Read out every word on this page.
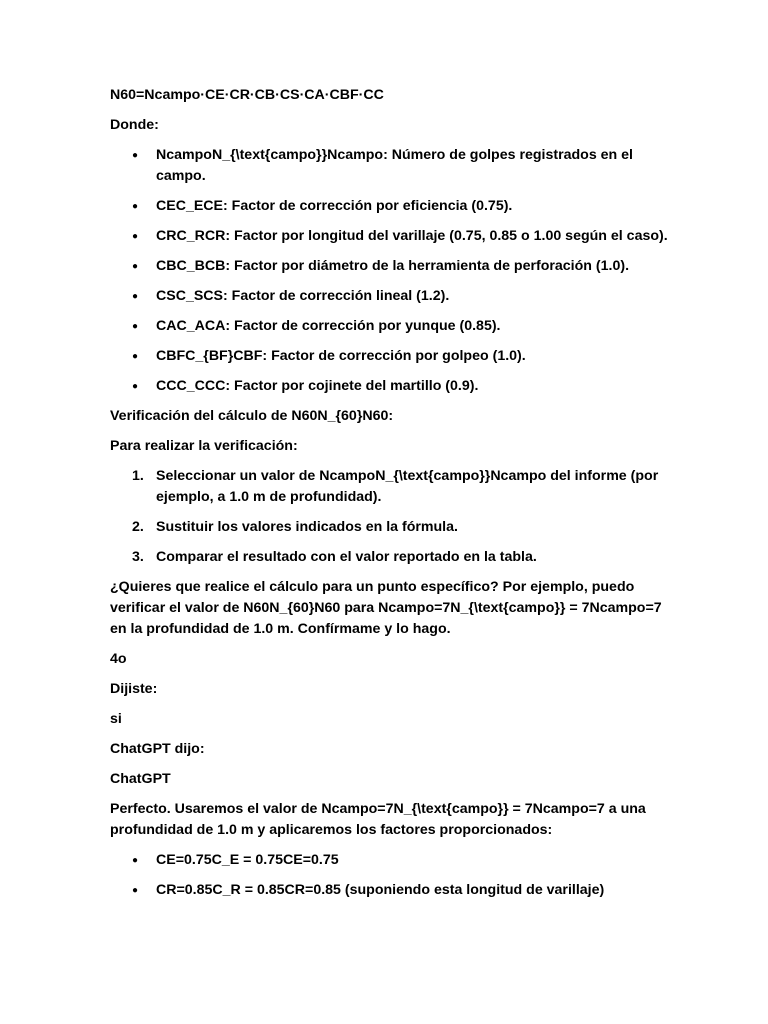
N60=Ncampo·CE·CR·CB·CS·CA·CBF·CC

Donde:

● NcampoN_{\text{campo}}Ncampo: Número de golpes registrados en el campo.
● CEC_ECE: Factor de corrección por eficiencia (0.75).
● CRC_RCR: Factor por longitud del varillaje (0.75, 0.85 o 1.00 según el caso).
● CBC_BCB: Factor por diámetro de la herramienta de perforación (1.0).
● CSC_SCS: Factor de corrección lineal (1.2).
● CAC_ACA: Factor de corrección por yunque (0.85).
● CBFC_{BF}CBF: Factor de corrección por golpeo (1.0).
● CCC_CCC: Factor por cojinete del martillo (0.9).

Verificación del cálculo de N60N_{60}N60:

Para realizar la verificación:

1. Seleccionar un valor de NcampoN_{\text{campo}}Ncampo del informe (por ejemplo, a 1.0 m de profundidad).
2. Sustituir los valores indicados en la fórmula.
3. Comparar el resultado con el valor reportado en la tabla.

¿Quieres que realice el cálculo para un punto específico? Por ejemplo, puedo verificar el valor de N60N_{60}N60 para Ncampo=7N_{\text{campo}} = 7Ncampo=7 en la profundidad de 1.0 m. Confírmame y lo hago.

4o

Dijiste:

si

ChatGPT dijo:

ChatGPT

Perfecto. Usaremos el valor de Ncampo=7N_{\text{campo}} = 7Ncampo=7 a una profundidad de 1.0 m y aplicaremos los factores proporcionados:

● CE=0.75C_E = 0.75CE=0.75
● CR=0.85C_R = 0.85CR=0.85 (suponiendo esta longitud de varillaje)
